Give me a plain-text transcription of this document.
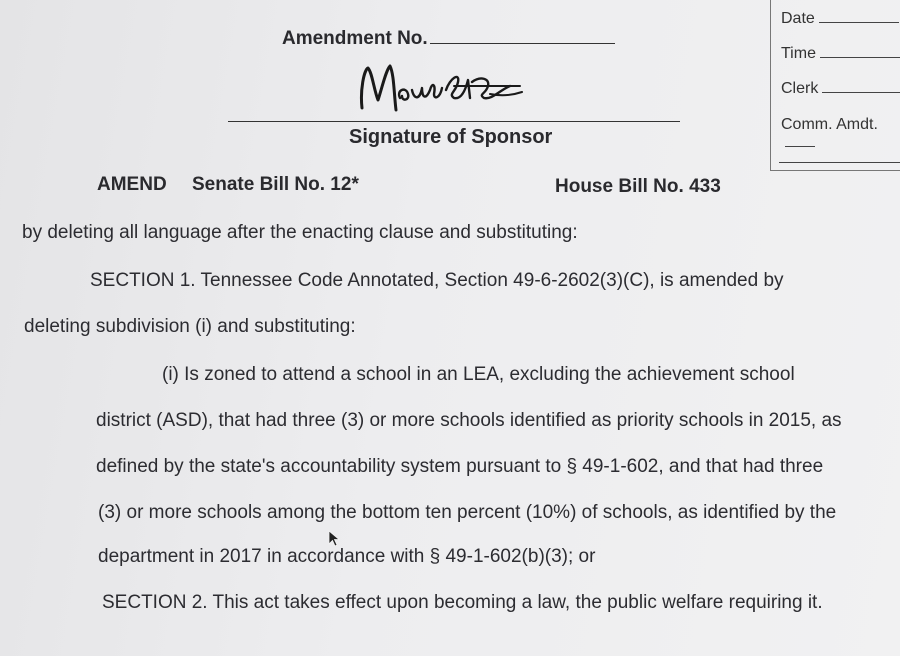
Date
Time
Clerk
Comm. Amdt.
Amendment No.
Signature of Sponsor
AMEND Senate Bill No. 12*	House Bill No. 433
by deleting all language after the enacting clause and substituting:
SECTION 1. Tennessee Code Annotated, Section 49-6-2602(3)(C), is amended by
deleting subdivision (i) and substituting:
(i) Is zoned to attend a school in an LEA, excluding the achievement school
district (ASD), that had three (3) or more schools identified as priority schools in 2015, as
defined by the state's accountability system pursuant to § 49-1-602, and that had three
(3) or more schools among the bottom ten percent (10%) of schools, as identified by the
department in 2017 in accordance with § 49-1-602(b)(3); or
SECTION 2. This act takes effect upon becoming a law, the public welfare requiring it.
